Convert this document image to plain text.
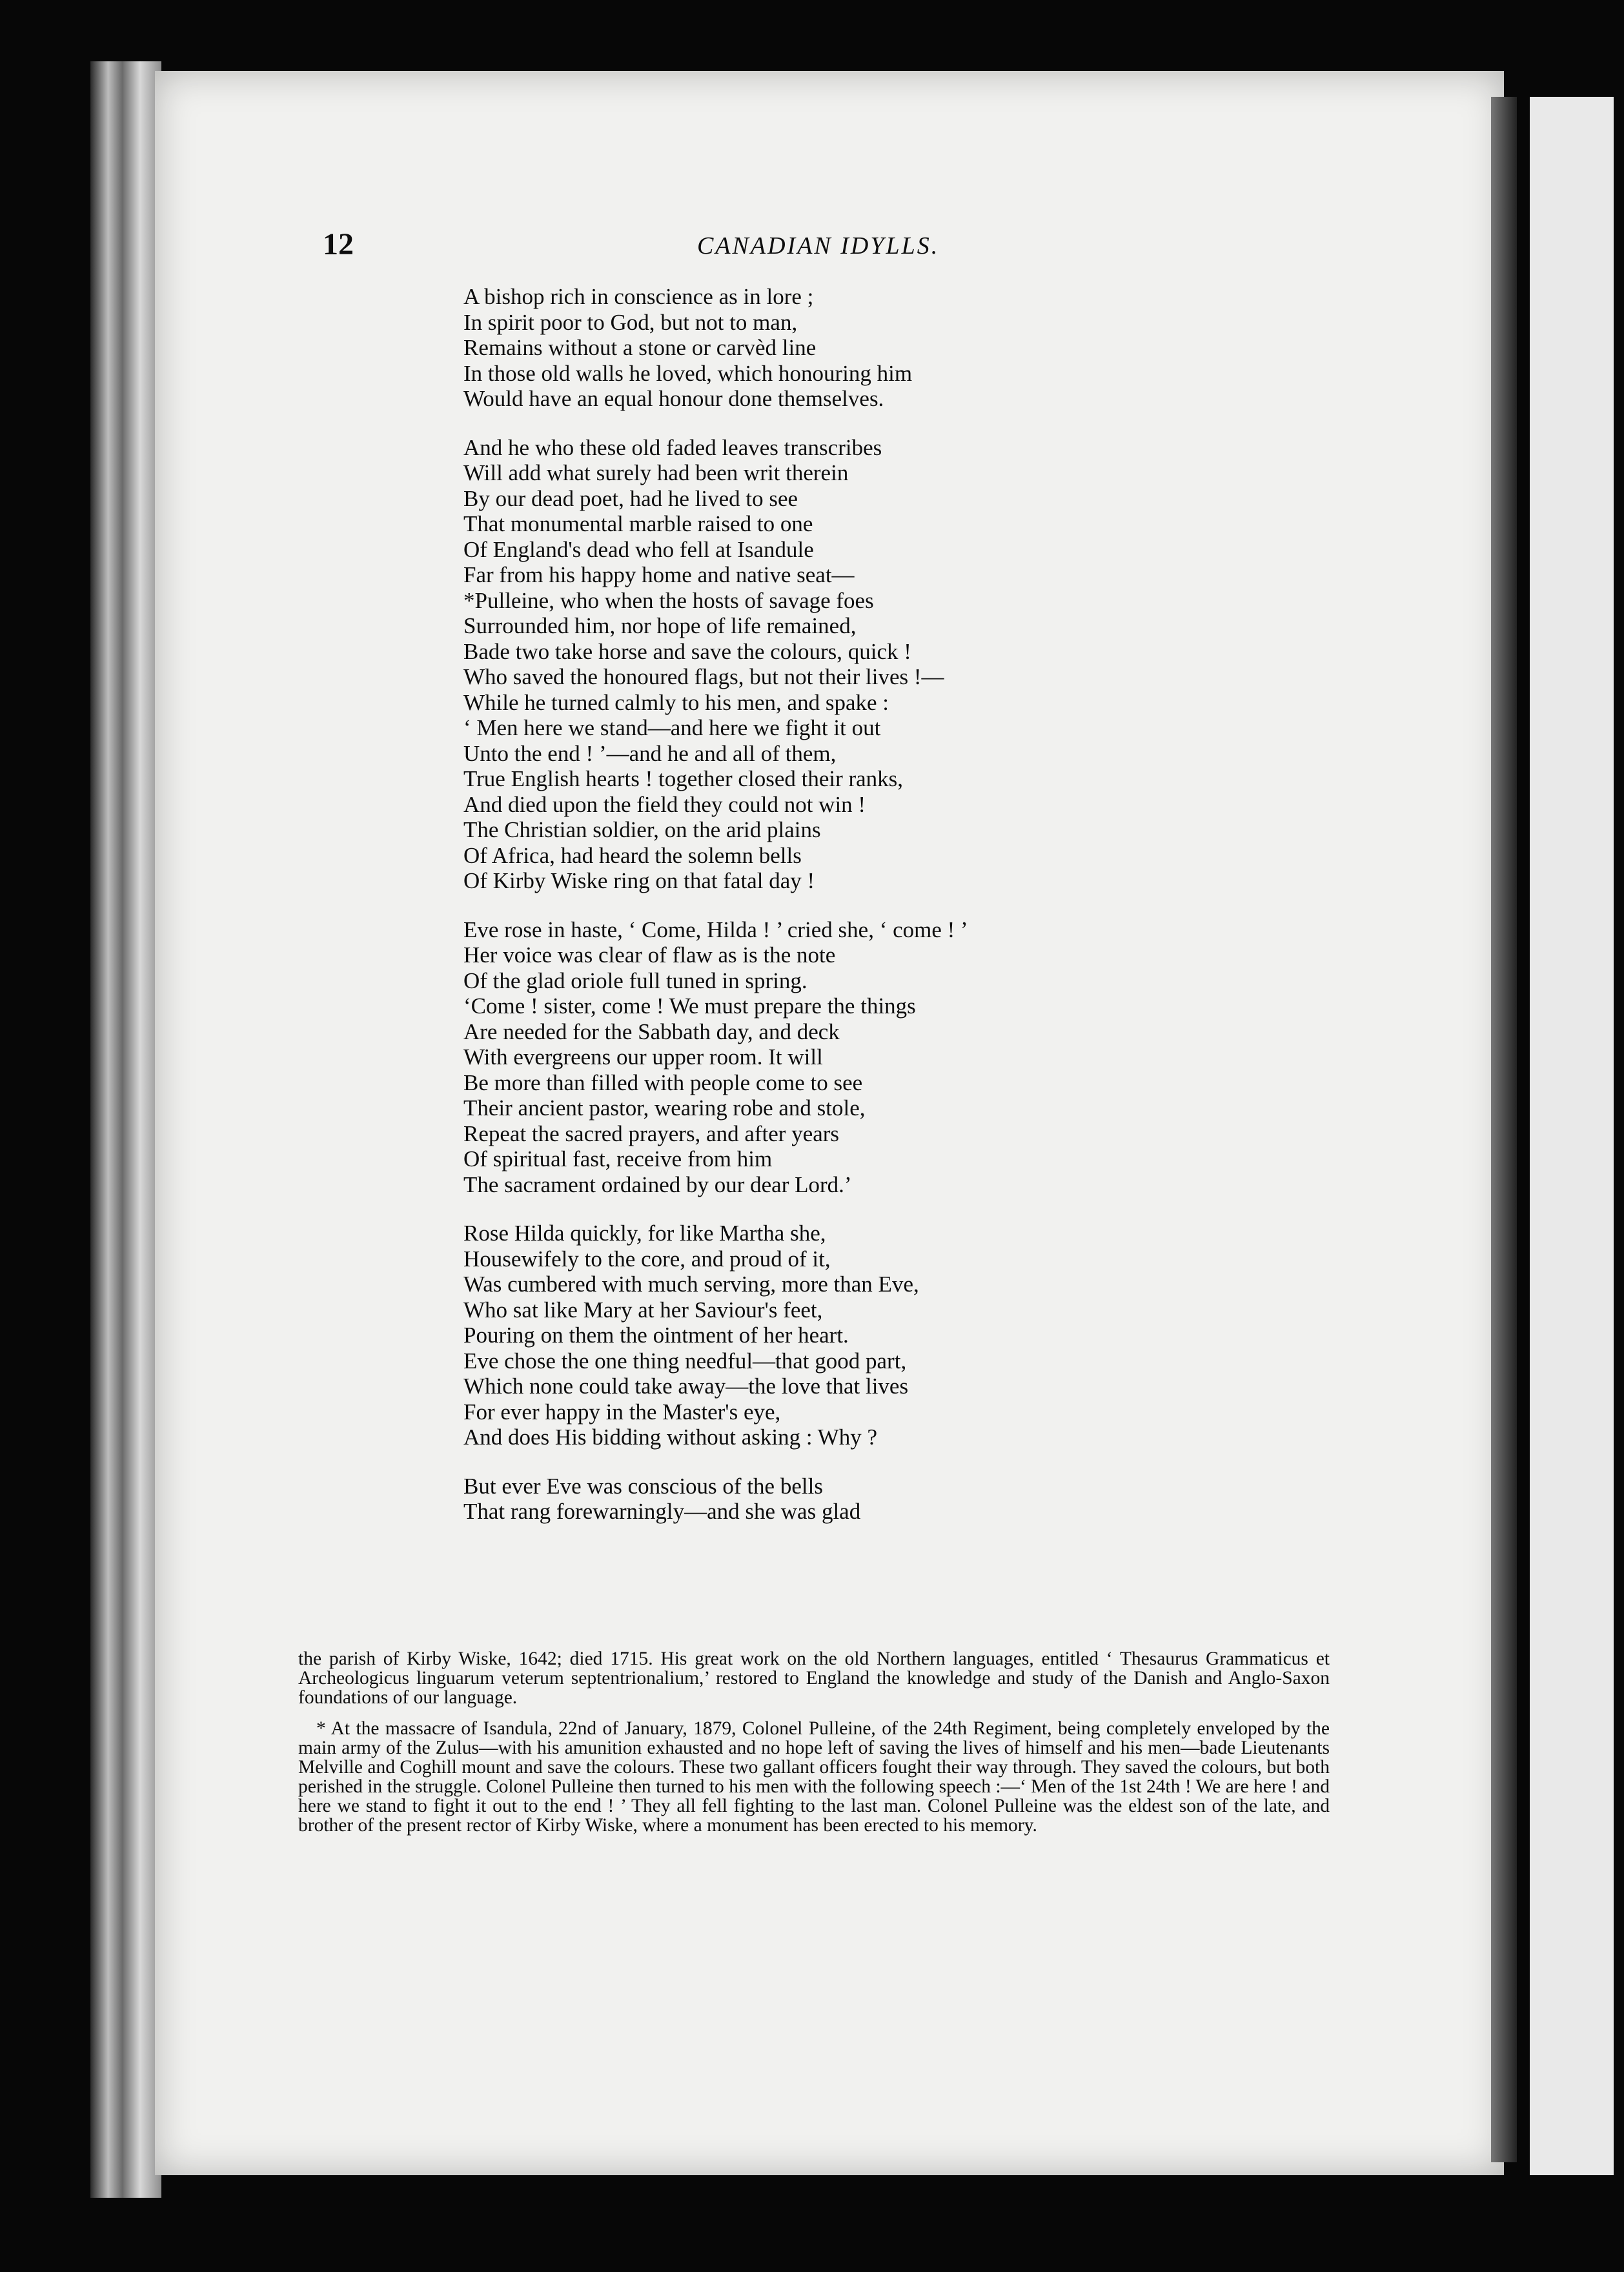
12	CANADIAN IDYLLS.
A bishop rich in conscience as in lore ;
In spirit poor to God, but not to man,
Remains without a stone or carvèd line
In those old walls he loved, which honouring him
Would have an equal honour done themselves.
And he who these old faded leaves transcribes
Will add what surely had been writ therein
By our dead poet, had he lived to see
That monumental marble raised to one
Of England's dead who fell at Isandule
Far from his happy home and native seat—
*Pulleine, who when the hosts of savage foes
Surrounded him, nor hope of life remained,
Bade two take horse and save the colours, quick !
Who saved the honoured flags, but not their lives !—
While he turned calmly to his men, and spake :
‘ Men here we stand—and here we fight it out
Unto the end ! ’—and he and all of them,
True English hearts ! together closed their ranks,
And died upon the field they could not win !
The Christian soldier, on the arid plains
Of Africa, had heard the solemn bells
Of Kirby Wiske ring on that fatal day !
Eve rose in haste, ‘ Come, Hilda ! ’ cried she, ‘ come ! ’
Her voice was clear of flaw as is the note
Of the glad oriole full tuned in spring.
‘Come ! sister, come ! We must prepare the things
Are needed for the Sabbath day, and deck
With evergreens our upper room. It will
Be more than filled with people come to see
Their ancient pastor, wearing robe and stole,
Repeat the sacred prayers, and after years
Of spiritual fast, receive from him
The sacrament ordained by our dear Lord.’
Rose Hilda quickly, for like Martha she,
Housewifely to the core, and proud of it,
Was cumbered with much serving, more than Eve,
Who sat like Mary at her Saviour's feet,
Pouring on them the ointment of her heart.
Eve chose the one thing needful—that good part,
Which none could take away—the love that lives
For ever happy in the Master's eye,
And does His bidding without asking : Why ?
But ever Eve was conscious of the bells
That rang forewarningly—and she was glad

the parish of Kirby Wiske, 1642; died 1715. His great work on the old Northern languages, entitled ‘ Thesaurus Grammaticus et Archeologicus linguarum veterum septentrionalium,’ restored to England the knowledge and study of the Danish and Anglo-Saxon foundations of our language.

* At the massacre of Isandula, 22nd of January, 1879, Colonel Pulleine, of the 24th Regiment, being completely enveloped by the main army of the Zulus—with his amunition exhausted and no hope left of saving the lives of himself and his men—bade Lieutenants Melville and Coghill mount and save the colours. These two gallant officers fought their way through. They saved the colours, but both perished in the struggle. Colonel Pulleine then turned to his men with the following speech :—‘ Men of the 1st 24th ! We are here ! and here we stand to fight it out to the end ! ’ They all fell fighting to the last man. Colonel Pulleine was the eldest son of the late, and brother of the present rector of Kirby Wiske, where a monument has been erected to his memory.
